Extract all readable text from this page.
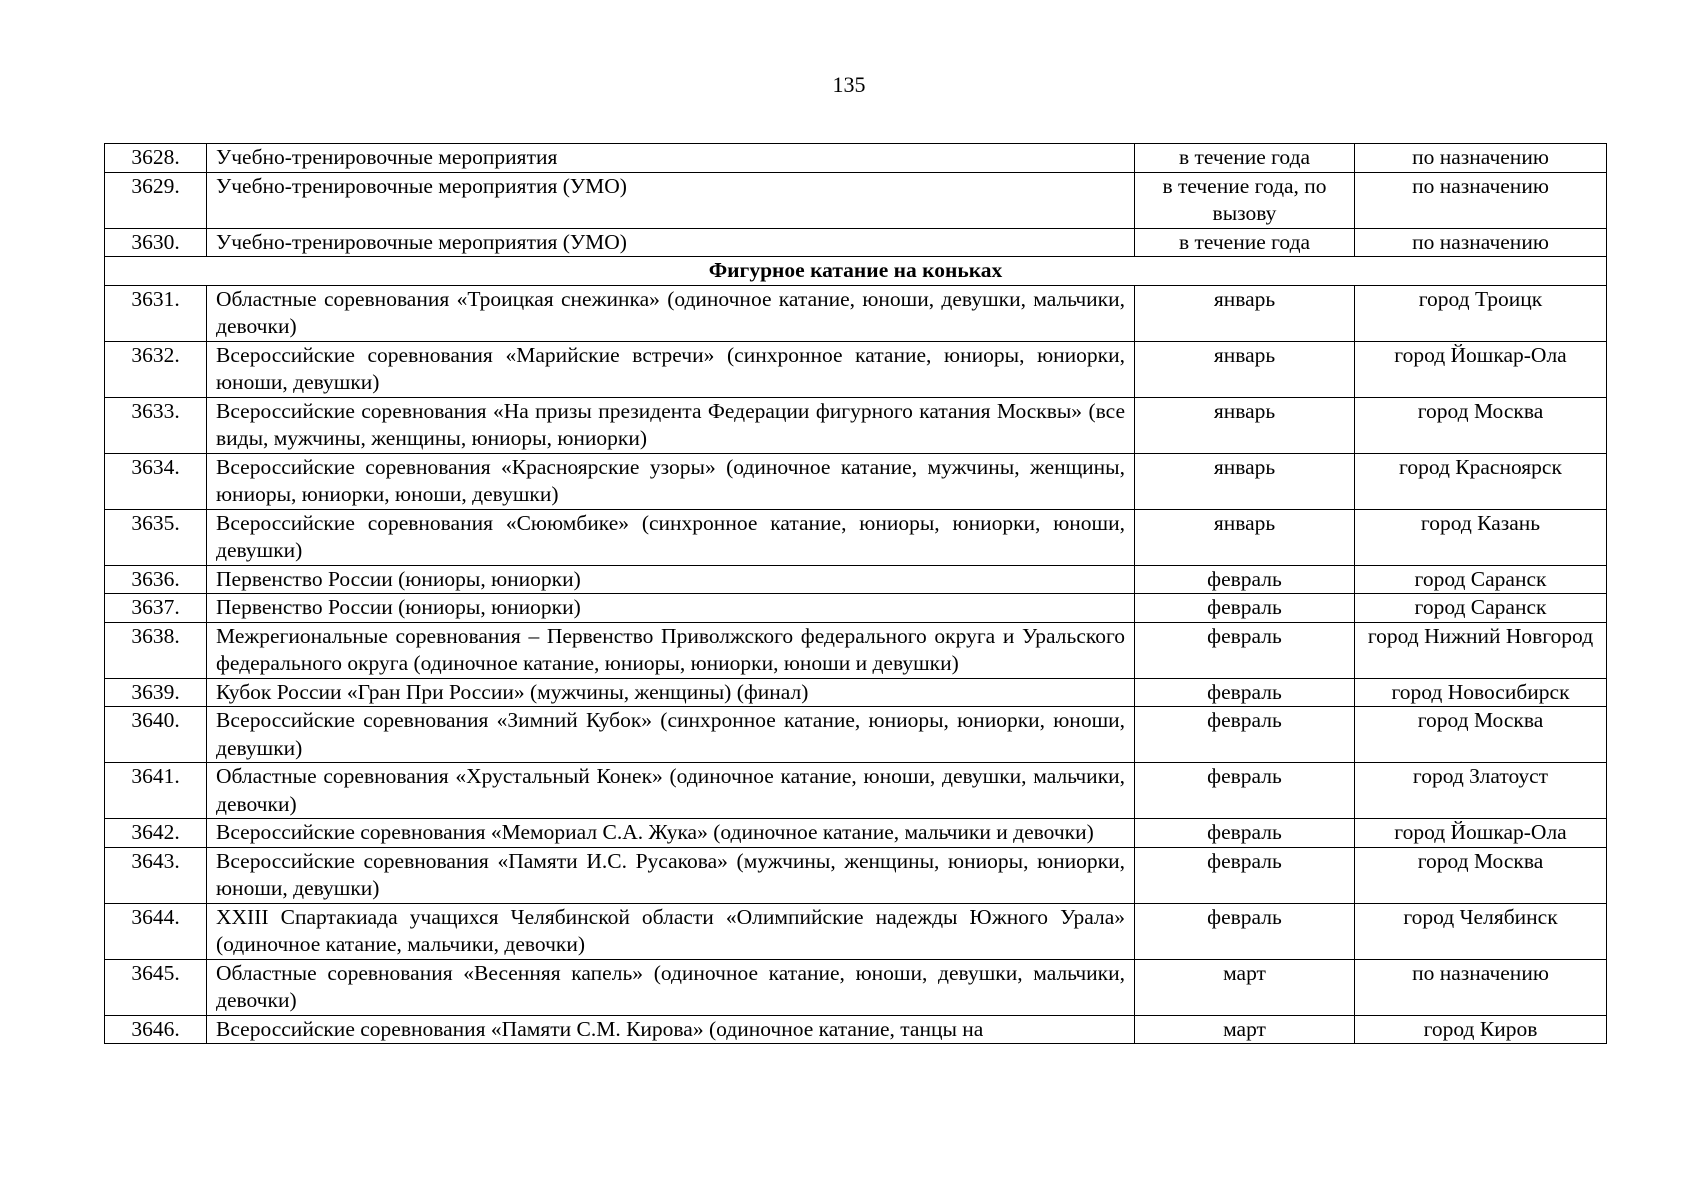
135
3628.	Учебно-тренировочные мероприятия	в течение года	по назначению
3629.	Учебно-тренировочные мероприятия (УМО)	в течение года, по вызову	по назначению
3630.	Учебно-тренировочные мероприятия (УМО)	в течение года	по назначению
Фигурное катание на коньках			
3631.	Областные соревнования «Троицкая снежинка» (одиночное катание, юноши, девушки, мальчики, девочки)	январь	город Троицк
3632.	Всероссийские соревнования «Марийские встречи» (синхронное катание, юниоры, юниорки, юноши, девушки)	январь	город Йошкар-Ола
3633.	Всероссийские соревнования «На призы президента Федерации фигурного катания Москвы» (все виды, мужчины, женщины, юниоры, юниорки)	январь	город Москва
3634.	Всероссийские соревнования «Красноярские узоры» (одиночное катание, мужчины, женщины, юниоры, юниорки, юноши, девушки)	январь	город Красноярск
3635.	Всероссийские соревнования «Сююмбике» (синхронное катание, юниоры, юниорки, юноши, девушки)	январь	город Казань
3636.	Первенство России (юниоры, юниорки)	февраль	город Саранск
3637.	Первенство России (юниоры, юниорки)	февраль	город Саранск
3638.	Межрегиональные соревнования – Первенство Приволжского федерального округа и Уральского федерального округа (одиночное катание, юниоры, юниорки, юноши и девушки)	февраль	город Нижний Новгород
3639.	Кубок России «Гран При России» (мужчины, женщины) (финал)	февраль	город Новосибирск
3640.	Всероссийские соревнования «Зимний Кубок» (синхронное катание, юниоры, юниорки, юноши, девушки)	февраль	город Москва
3641.	Областные соревнования «Хрустальный Конек» (одиночное катание, юноши, девушки, мальчики, девочки)	февраль	город Златоуст
3642.	Всероссийские соревнования «Мемориал С.А. Жука» (одиночное катание, мальчики и девочки)	февраль	город Йошкар-Ола
3643.	Всероссийские соревнования «Памяти И.С. Русакова» (мужчины, женщины, юниоры, юниорки, юноши, девушки)	февраль	город Москва
3644.	XXIII Спартакиада учащихся Челябинской области «Олимпийские надежды Южного Урала» (одиночное катание, мальчики, девочки)	февраль	город Челябинск
3645.	Областные соревнования «Весенняя капель» (одиночное катание, юноши, девушки, мальчики, девочки)	март	по назначению
3646.	Всероссийские соревнования «Памяти С.М. Кирова» (одиночное катание, танцы на	март	город Киров
